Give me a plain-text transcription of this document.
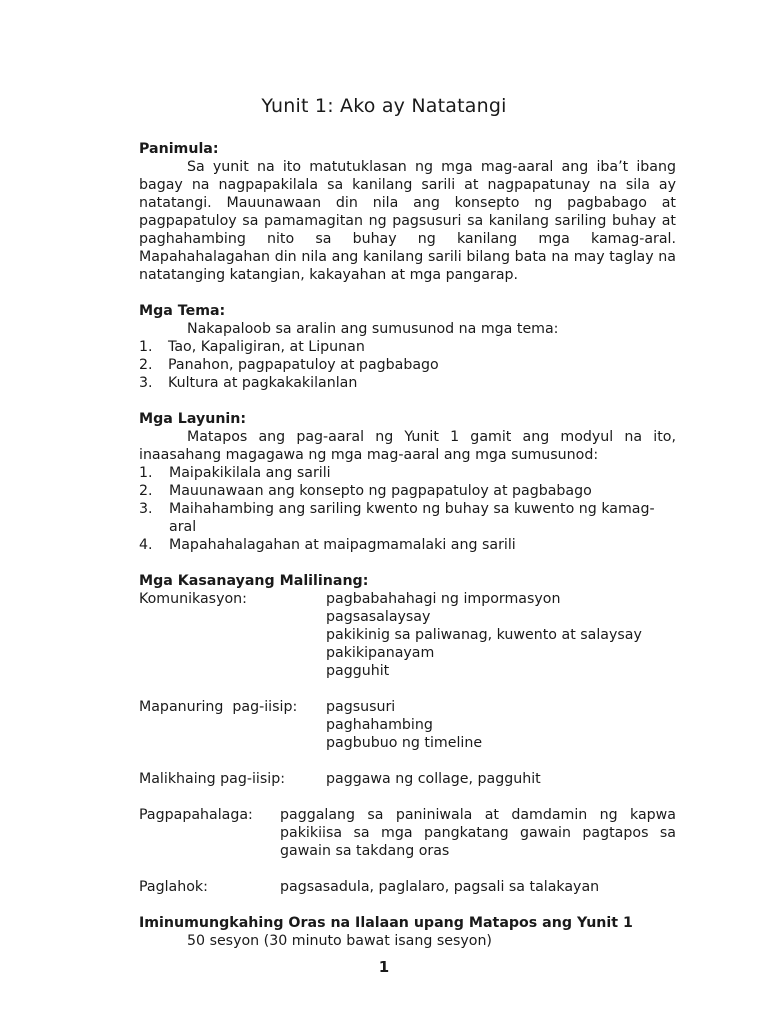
Yunit 1: Ako ay Natatangi
Panimula:
Sa yunit na ito matutuklasan ng mga mag-aaral ang iba’t ibang bagay na nagpapakilala sa kanilang sarili at nagpapatunay na sila ay natatangi. Mauunawaan din nila ang konsepto ng pagbabago at pagpapatuloy sa pamamagitan ng pagsusuri sa kanilang sariling buhay at paghahambing nito sa buhay ng kanilang mga kamag-aral. Mapahahalagahan din nila ang kanilang sarili bilang bata na may taglay na natatanging katangian, kakayahan at mga pangarap.
Mga Tema:
Nakapaloob sa aralin ang sumusunod na mga tema:
1.	Tao, Kapaligiran, at Lipunan
2.	Panahon, pagpapatuloy at pagbabago
3.	Kultura at pagkakakilanlan
Mga Layunin:
Matapos ang pag-aaral ng Yunit 1 gamit ang modyul na ito, inaasahang magagawa ng mga mag-aaral ang mga sumusunod:
1.	Maipakikilala ang sarili
2.	Mauunawaan ang konsepto ng pagpapatuloy at pagbabago
3.	Maihahambing ang sariling kwento ng buhay sa kuwento ng kamag-aral
4.	Mapahahalagahan at maipagmamalaki ang sarili
Mga Kasanayang Malilinang:
Komunikasyon:	pagbabahahagi ng impormasyon
pagsasalaysay
pakikinig sa paliwanag, kuwento at salaysay
pakikipanayam
pagguhit
Mapanuring  pag-iisip:	pagsusuri
paghahambing
pagbubuo ng timeline
Malikhaing pag-iisip:	paggawa ng collage, pagguhit
Pagpapahalaga:	paggalang sa paniniwala at damdamin ng kapwa pakikiisa sa mga pangkatang gawain pagtapos sa gawain sa takdang oras
Paglahok:	pagsasadula, paglalaro, pagsali sa talakayan
Iminumungkahing Oras na Ilalaan upang Matapos ang Yunit 1
50 sesyon (30 minuto bawat isang sesyon)
1
